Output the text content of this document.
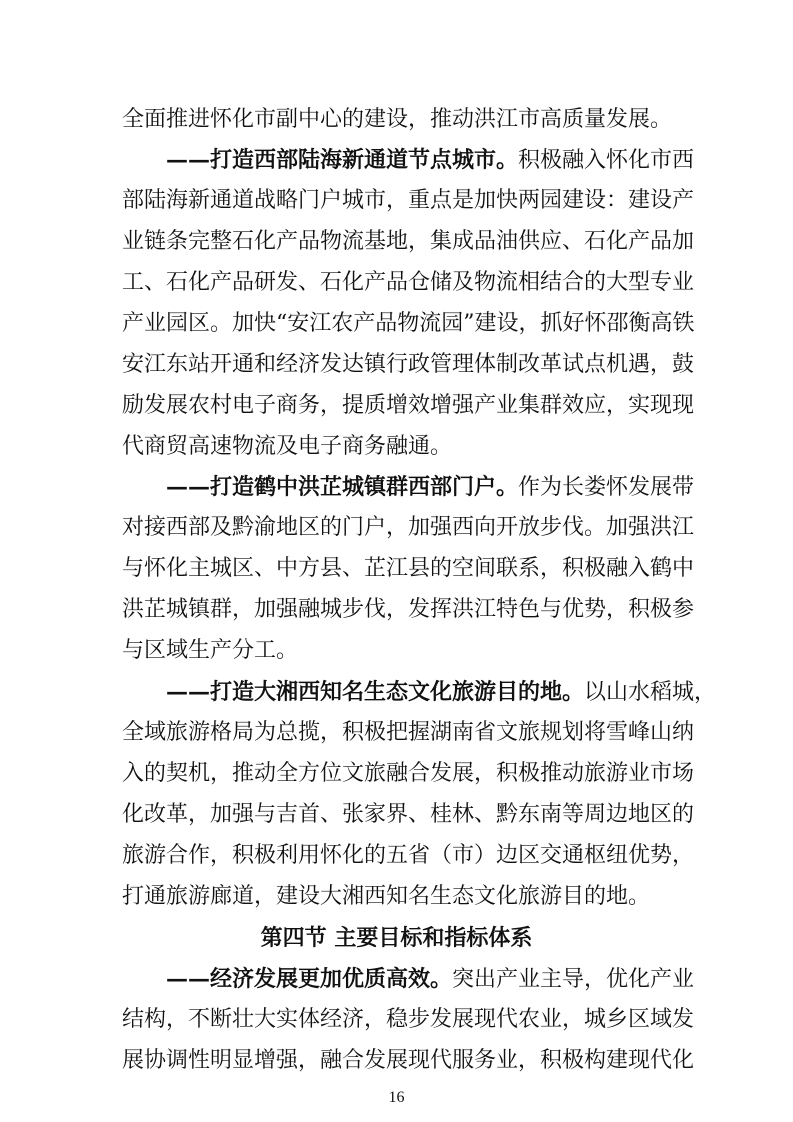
全面推进怀化市副中心的建设，推动洪江市高质量发展。
——打造西部陆海新通道节点城市。积极融入怀化市西
部陆海新通道战略门户城市，重点是加快两园建设：建设产
业链条完整石化产品物流基地，集成品油供应、石化产品加
工、石化产品研发、石化产品仓储及物流相结合的大型专业
产业园区。加快“安江农产品物流园”建设，抓好怀邵衡高铁
安江东站开通和经济发达镇行政管理体制改革试点机遇，鼓
励发展农村电子商务，提质增效增强产业集群效应，实现现
代商贸高速物流及电子商务融通。
——打造鹤中洪芷城镇群西部门户。作为长娄怀发展带
对接西部及黔渝地区的门户，加强西向开放步伐。加强洪江
与怀化主城区、中方县、芷江县的空间联系，积极融入鹤中
洪芷城镇群，加强融城步伐，发挥洪江特色与优势，积极参
与区域生产分工。
——打造大湘西知名生态文化旅游目的地。以山水稻城，
全域旅游格局为总揽，积极把握湖南省文旅规划将雪峰山纳
入的契机，推动全方位文旅融合发展，积极推动旅游业市场
化改革，加强与吉首、张家界、桂林、黔东南等周边地区的
旅游合作，积极利用怀化的五省（市）边区交通枢纽优势，
打通旅游廊道，建设大湘西知名生态文化旅游目的地。
第四节 主要目标和指标体系
——经济发展更加优质高效。突出产业主导，优化产业
结构，不断壮大实体经济，稳步发展现代农业，城乡区域发
展协调性明显增强，融合发展现代服务业，积极构建现代化
16
